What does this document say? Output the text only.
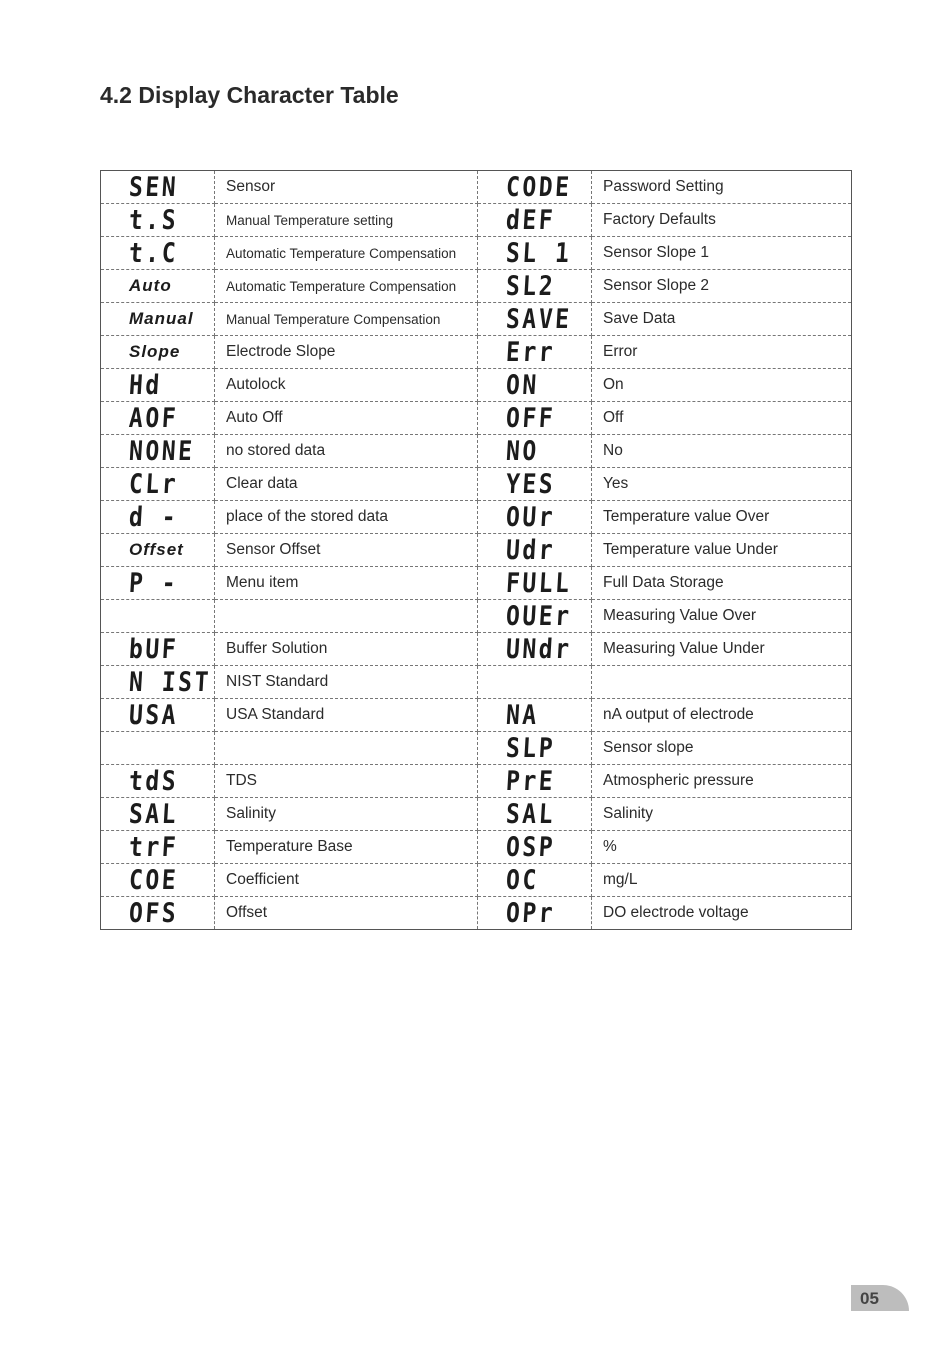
4.2 Display Character Table
SEN	Sensor	CODE	Password Setting
t.S	Manual Temperature setting	dEF	Factory Defaults
t.C	Automatic Temperature Compensation	SL 1	Sensor Slope 1
Auto	Automatic Temperature Compensation	SL2	Sensor Slope 2
Manual	Manual Temperature Compensation	SAVE	Save Data
Slope	Electrode Slope	Err	Error
Hd	Autolock	ON	On
AOF	Auto Off	OFF	Off
NONE	no stored data	NO	No
CLr	Clear data	YES	Yes
d -	place of the stored data	OUr	Temperature value Over
Offset	Sensor Offset	Udr	Temperature value Under
P -	Menu item	FULL	Full Data Storage
		OUEr	Measuring Value Over
bUF	Buffer Solution	UNdr	Measuring Value Under
N IST	NIST Standard		
USA	USA Standard	NA	nA output of electrode
		SLP	Sensor slope
tdS	TDS	PrE	Atmospheric pressure
SAL	Salinity	SAL	Salinity
trF	Temperature Base	OSP	%
COE	Coefficient	OC	mg/L
OFS	Offset	OPr	DO electrode voltage
05
